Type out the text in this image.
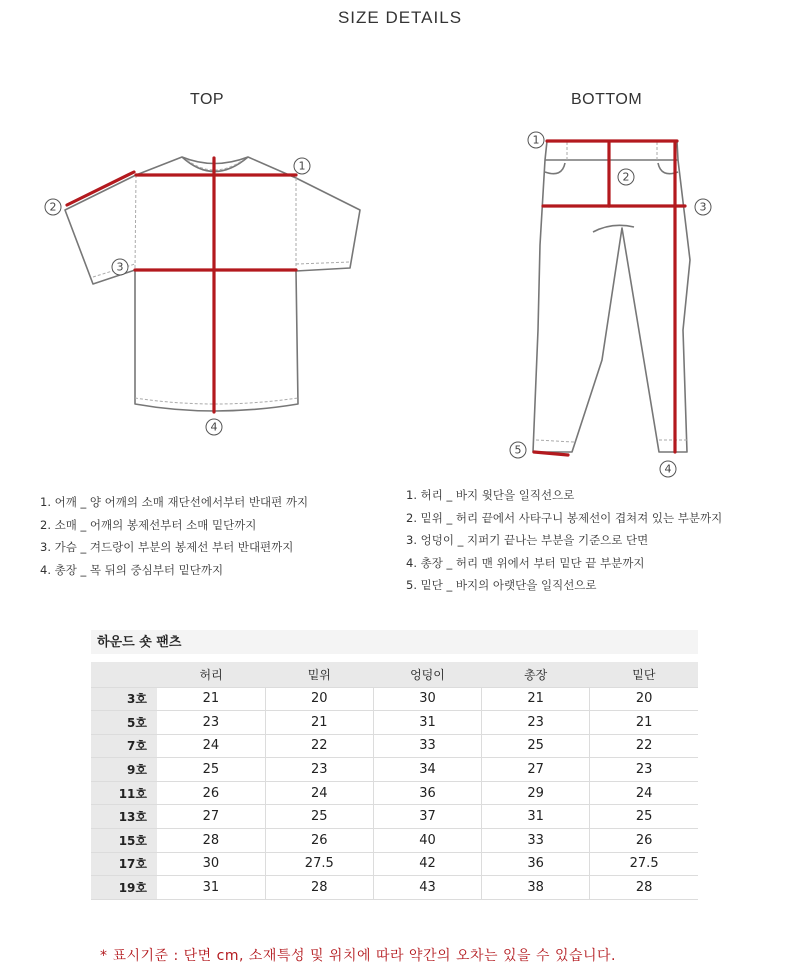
SIZE DETAILS
TOP	BOTTOM
1
2
3
4
1
2
3
4
5
1. 어깨 _ 양 어깨의 소매 재단선에서부터 반대편 까지
2. 소매 _ 어깨의 봉제선부터 소매 밑단까지
3. 가슴 _ 겨드랑이 부분의 봉제선 부터 반대편까지
4. 총장 _ 목 뒤의 중심부터 밑단까지
1. 허리 _ 바지 윗단을 일직선으로
2. 밑위 _ 허리 끝에서 사타구니 봉제선이 겹쳐져 있는 부분까지
3. 엉덩이 _ 지퍼기 끝나는 부분을 기준으로 단면
4. 총장 _ 허리 맨 위에서 부터 밑단 끝 부분까지
5. 밑단 _ 바지의 아랫단을 일직선으로
하운드 숏 팬츠
	허리	밑위	엉덩이	총장	밑단
3호	21	20	30	21	20
5호	23	21	31	23	21
7호	24	22	33	25	22
9호	25	23	34	27	23
11호	26	24	36	29	24
13호	27	25	37	31	25
15호	28	26	40	33	26
17호	30	27.5	42	36	27.5
19호	31	28	43	38	28
* 표시기준 : 단면 cm, 소재특성 및 위치에 따라 약간의 오차는 있을 수 있습니다.
